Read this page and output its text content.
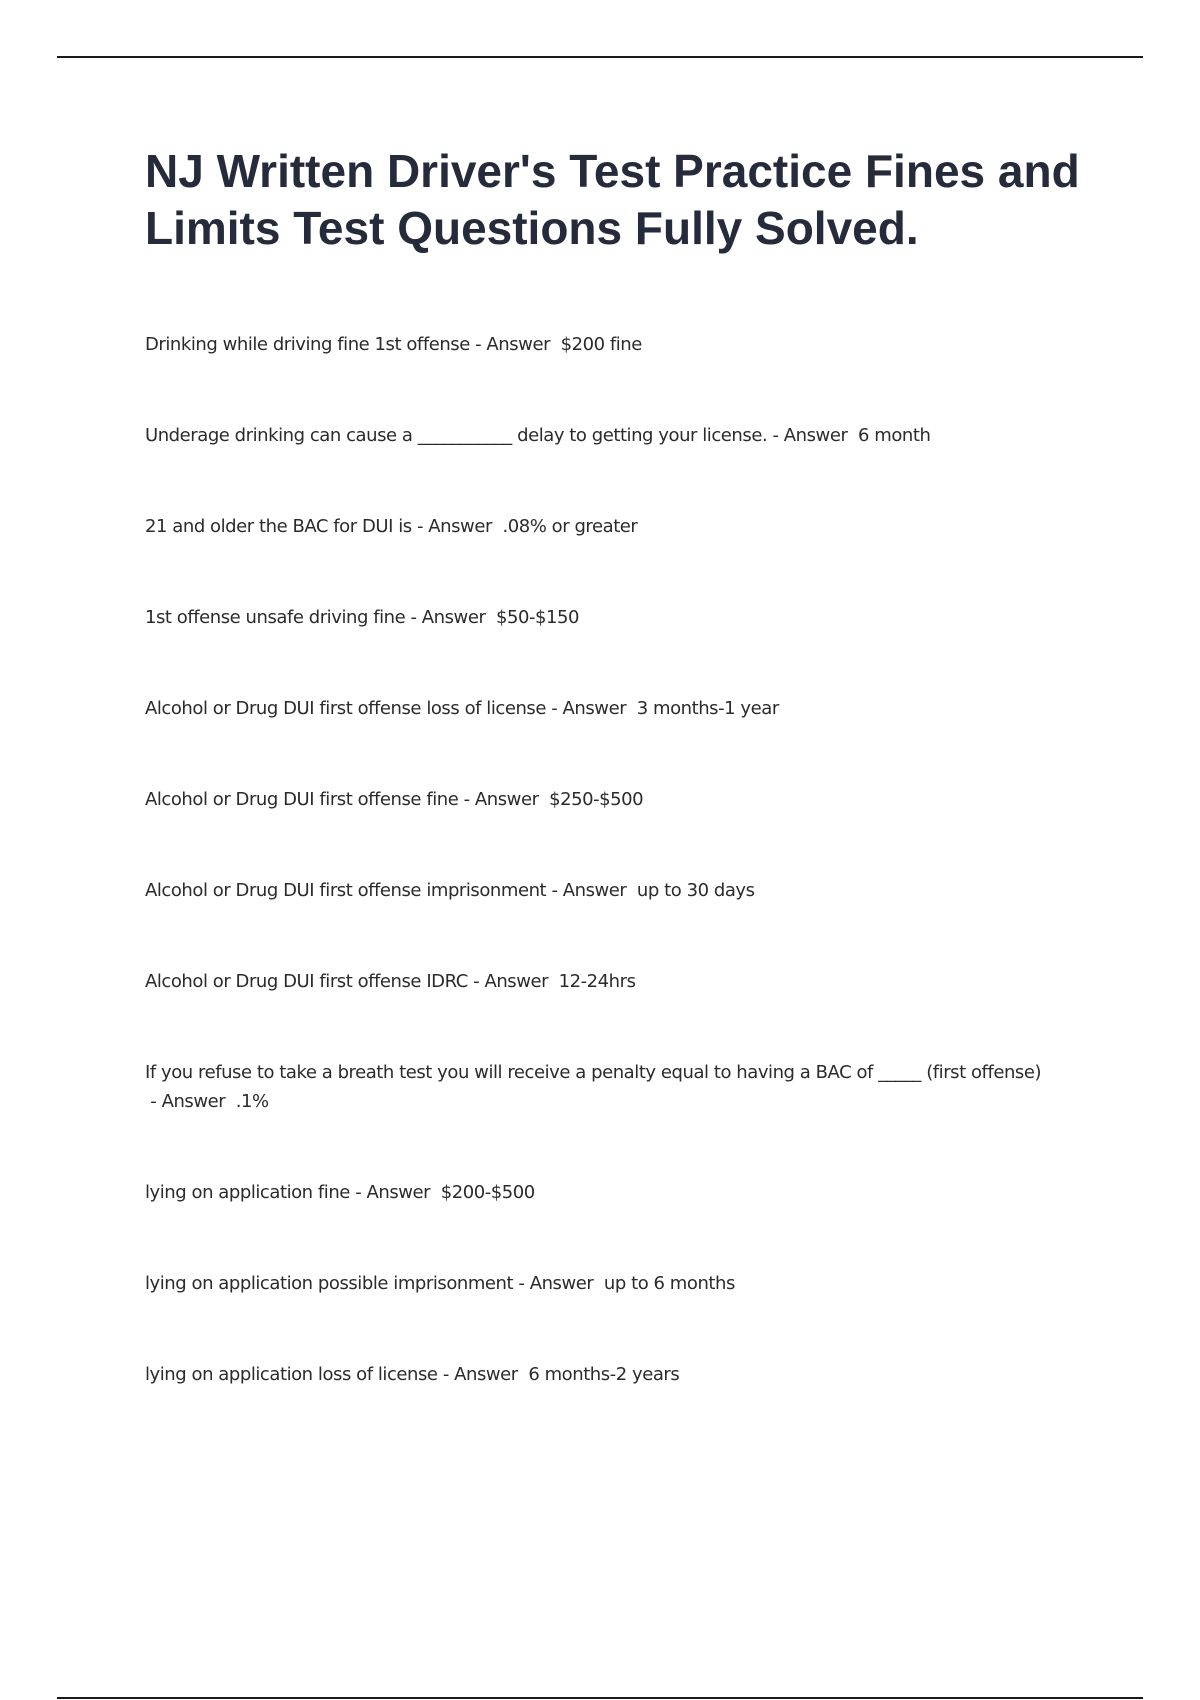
NJ Written Driver's Test Practice Fines and Limits Test Questions Fully Solved.
Drinking while driving fine 1st offense - Answer  $200 fine
Underage drinking can cause a ___________ delay to getting your license. - Answer  6 month
21 and older the BAC for DUI is - Answer  .08% or greater
1st offense unsafe driving fine - Answer  $50-$150
Alcohol or Drug DUI first offense loss of license - Answer  3 months-1 year
Alcohol or Drug DUI first offense fine - Answer  $250-$500
Alcohol or Drug DUI first offense imprisonment - Answer  up to 30 days
Alcohol or Drug DUI first offense IDRC - Answer  12-24hrs
If you refuse to take a breath test you will receive a penalty equal to having a BAC of _____ (first offense) - Answer  .1%
lying on application fine - Answer  $200-$500
lying on application possible imprisonment - Answer  up to 6 months
lying on application loss of license - Answer  6 months-2 years
